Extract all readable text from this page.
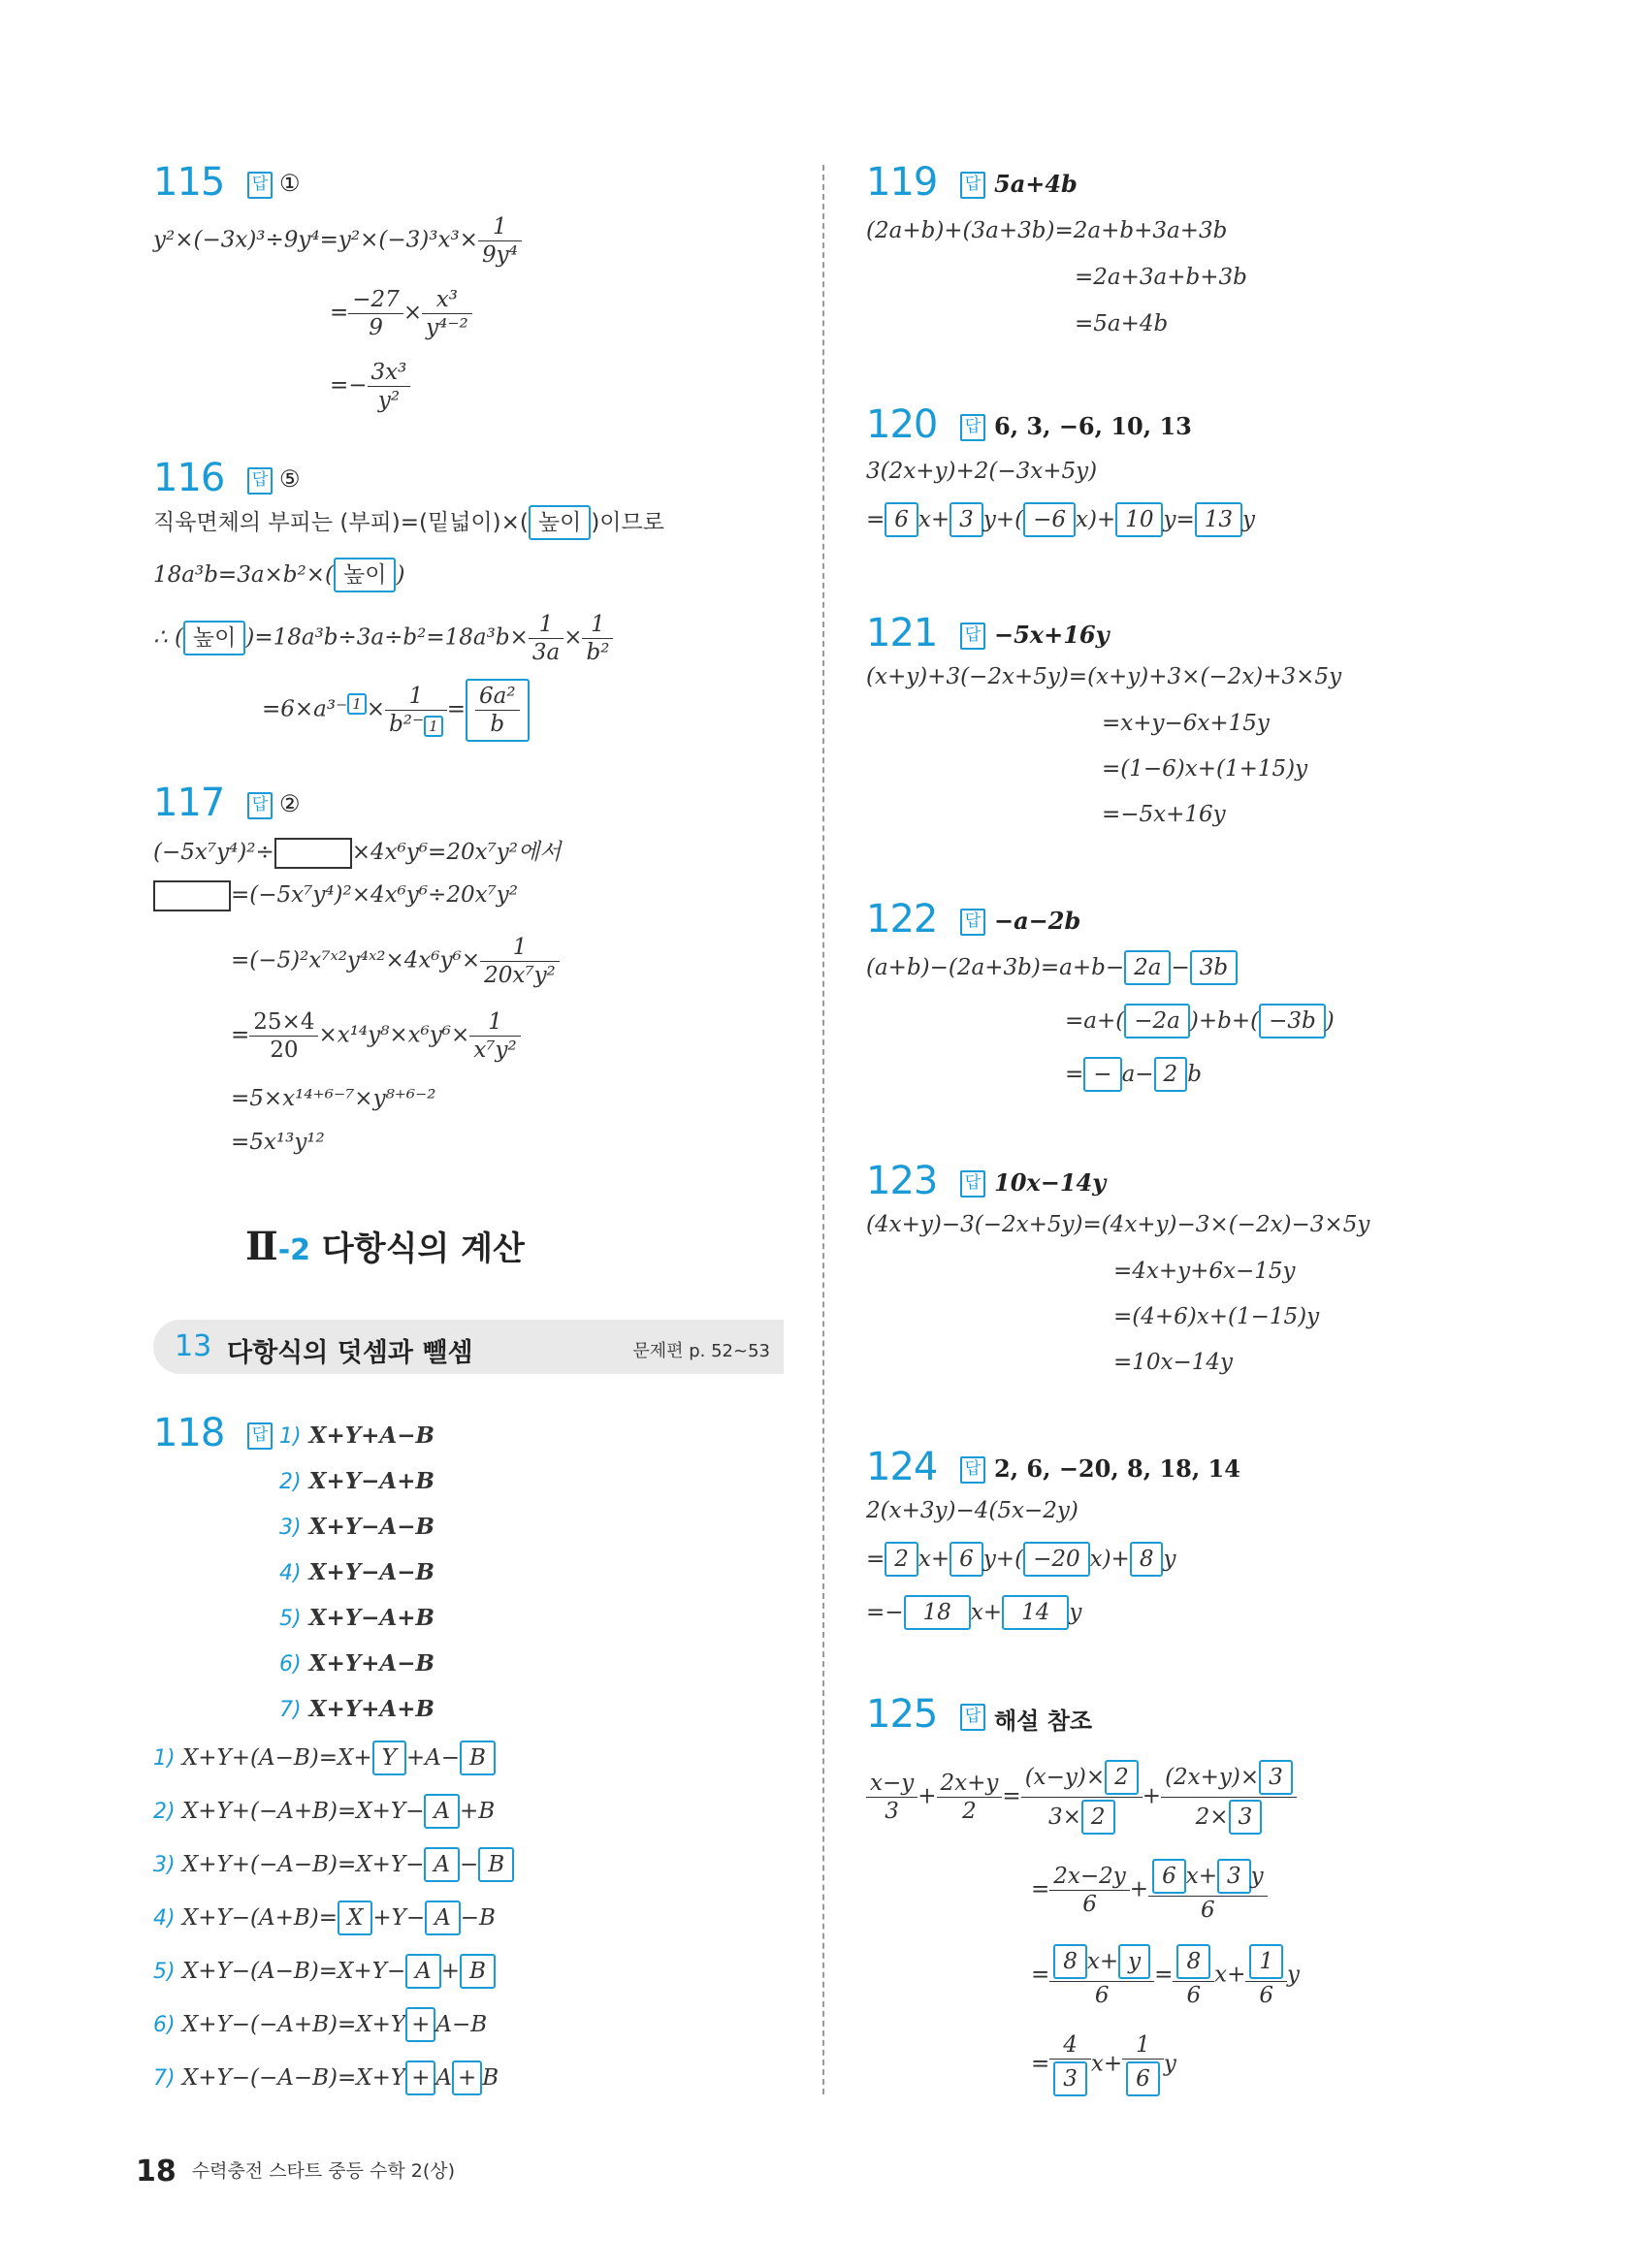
115 답 ①
$y^2\times(-3x)^3\div 9y^4=y^2\times(-3)^3x^3\times \frac{1}{\text{9y⁴}}$
= $\frac{-27}{9} \times \frac{\text{x³}}{\text{y⁴⁻²}}$
=− $\frac{\text{3x³}}{\text{y²}}$
116 답 ⑤
직육면체의 부피는 (부피)=(밑넓이)×( 높이 )이므로
18a³b=3a×b²×( 높이 )
∴ ( 높이 )$=18a^3b\div 3a\div b^2=18a^3b\times \frac{1}{3a} \times \frac{1}{\text{b²}}$
=6×a³⁻ $1 \times \frac{1}{\text{b²⁻ 1}} = \frac{\text{6a²}}{b}$
117 답 ②
(−5x⁷y⁴)²÷	×4x⁶y⁶=20x⁷y²에서
=(−5x⁷y⁴)²×4x⁶y⁶÷20x⁷y²
=(−5)²x⁷ˣ²y⁴ˣ²×4x⁶y⁶× $\frac{1}{\text{20x⁷y²}}$
= $\frac{25\times 4}{20} \times x^{14}y^8\times x^6y^6\times \frac{1}{\text{x⁷y²}}$
=5×x¹⁴⁺⁶⁻⁷×y⁸⁺⁶⁻²
=5x¹³y¹²
Ⅱ-2 다항식의 계산
13 다항식의 덧셈과 뺄셈	문제편 p. 52~53
118 답 1) X+Y+A−B
2) X+Y−A+B
3) X+Y−A−B
4) X+Y−A−B
5) X+Y−A+B
6) X+Y+A−B
7) X+Y+A+B
1) X+Y+(A−B)=X+ Y +A− B
2) X+Y+(−A+B)=X+Y− A +B
3) X+Y+(−A−B)=X+Y− A − B
4) X+Y−(A+B)= X +Y− A −B
5) X+Y−(A−B)=X+Y− A + B
6) X+Y−(−A+B)=X+Y + A−B
7) X+Y−(−A−B)=X+Y + A + B
119 답 5a+4b
(2a+b)+(3a+3b)=2a+b+3a+3b
=2a+3a+b+3b
=5a+4b
120 답 6, 3, −6, 10, 13
3(2x+y)+2(−3x+5y)
= 6 x+ 3 y+( −6 x)+ 10 y= 13 y
121 답 −5x+16y
(x+y)+3(−2x+5y)=(x+y)+3×(−2x)+3×5y
=x+y−6x+15y
=(1−6)x+(1+15)y
=−5x+16y
122 답 −a−2b
(a+b)−(2a+3b)=a+b− 2a − 3b
=a+( −2a )+b+( −3b )
= − a− 2 b
123 답 10x−14y
(4x+y)−3(−2x+5y)=(4x+y)−3×(−2x)−3×5y
=4x+y+6x−15y
=(4+6)x+(1−15)y
=10x−14y
124 답 2, 6, −20, 8, 18, 14
2(x+3y)−4(5x−2y)
= 2 x+ 6 y+( −20 x)+ 8 y
=− 18 x+ 14 y
125 답 해설 참조
$\frac{x-y}{3} + \frac{2x+y}{2} = \frac{(x-y)\times 2}{3\times 2} + \frac{(2x+y)\times 3}{2\times 3}$
= $\frac{2x-2y}{6} + \frac{6 x+ 3 y}{6}$
= $\frac{8 x+ y}{6} = \frac{8}{6} x+ \frac{1}{6}$ y
= $\frac{4}{3} x+ \frac{1}{6}$ y
18 수력충전 스타트 중등 수학 2(상)
